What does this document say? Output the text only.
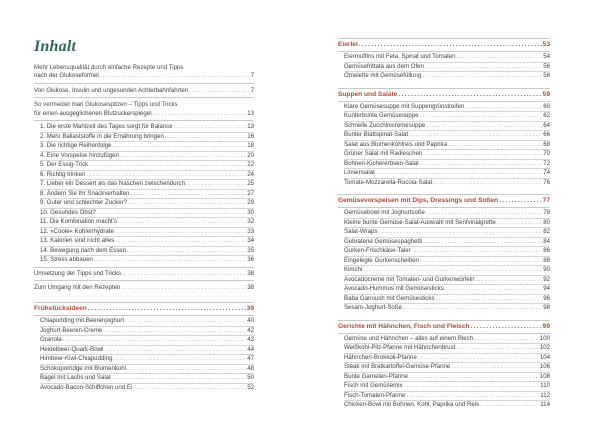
Inhalt
Mehr Lebensqualität durch einfache Rezepte und Tipps
nach der Glukoseformel .....	7
Von Glukose, Insulin und ungesunden Achterbahnfahrten .....	7
So vermeidet man Glukosespitzen – Tipps und Tricks
für einen ausgeglichenen Blutzuckerspiegel .....	13
1. Die erste Mahlzeit des Tages sorgt für Balance .....	13
2. Mehr Ballaststoffe in die Ernährung bringen .....	16
3. Die richtige Reihenfolge .....	18
4. Eine Vorspeise hinzufügen .....	20
5. Der Essig-Trick .....	22
6. Richtig trinken .....	24
7. Lieber ein Dessert als das Naschen zwischendurch .....	25
8. Ändern Sie Ihr Snackverhalten .....	27
9. Guter und schlechter Zucker? .....	29
10. Gesundes Obst? .....	30
11. Die Kombination macht's .....	32
12. »Coole« Kohlenhydrate .....	33
13. Kalorien sind nicht alles .....	34
14. Bewegung nach dem Essen .....	35
15. Stress abbauen .....	36
Umsetzung der Tipps und Tricks .....	38
Zum Umgang mit den Rezepten .....	38
Frühstücksideen .....	39
Chiapudding mit Beerenjoghurt .....	40
Joghurt-Beeren-Creme .....	42
Granola .....	43
Heidelbeer-Quark-Bowl .....	44
Himbeer-Kiwi-Chiapudding .....	47
Schokoporridge mit Blumenkohl .....	48
Bagel mit Lachs und Salat .....	50
Avocado-Bacon-Schiffchen und Ei .....	52
Eierlei .....	53
Eiermuffins mit Feta, Spinat und Tomaten .....	54
Gemüsefrittata aus dem Ofen .....	56
Omelette mit Gemüsefüllung .....	58
Suppen und Salate .....	59
Klare Gemüsesuppe mit Suppengrünstreifen .....	60
Kunterbunte Gemüsesuppe .....	62
Schnelle Zucchinicremesuppe .....	64
Bunter Blattspinat-Salat .....	66
Salat aus Blumenkohlreis und Paprika .....	68
Grüner Salat mit Radieschen .....	70
Bohnen-Kichererbsen-Salat .....	72
Linsensalat .....	74
Tomate-Mozzarella-Rucola-Salat .....	76
Gemüsevorspeisen mit Dips, Dressings und Soßen .....	77
Gemüsebowl mit Joghurtsoße .....	78
Kleine bunte Gemüse-Salat-Auswahl mit Senfvinaigrette .....	80
Salat-Wraps .....	82
Gebratene Gemüsespaghetti .....	84
Gurken-Frischkäse-Taler .....	86
Eingelegte Gurkenscheiben .....	88
Kimchi .....	90
Avocadocreme mit Tomaten- und Gurkenwürfeln .....	92
Avocado-Hummus mit Gemüsesticks .....	94
Baba Ganoush mit Gemüsesticks .....	96
Sesam-Joghurt-Soße .....	98
Gerichte mit Hähnchen, Fisch und Fleisch .....	99
Gemüse und Hähnchen – alles auf einem Blech .....	100
Weißkohl-Pilz-Pfanne mit Hähnchenbrust .....	102
Hähnchen-Brokkoli-Pfanne .....	104
Steak mit Bratkartoffel-Gemüse-Pfanne .....	106
Bunte Garnelen-Pfanne .....	108
Fisch mit Gemüsemix .....	110
Fisch-Tomaten-Pfanne .....	112
Chicken-Bowl mit Bohnen, Kohl, Paprika und Reis .....	114
